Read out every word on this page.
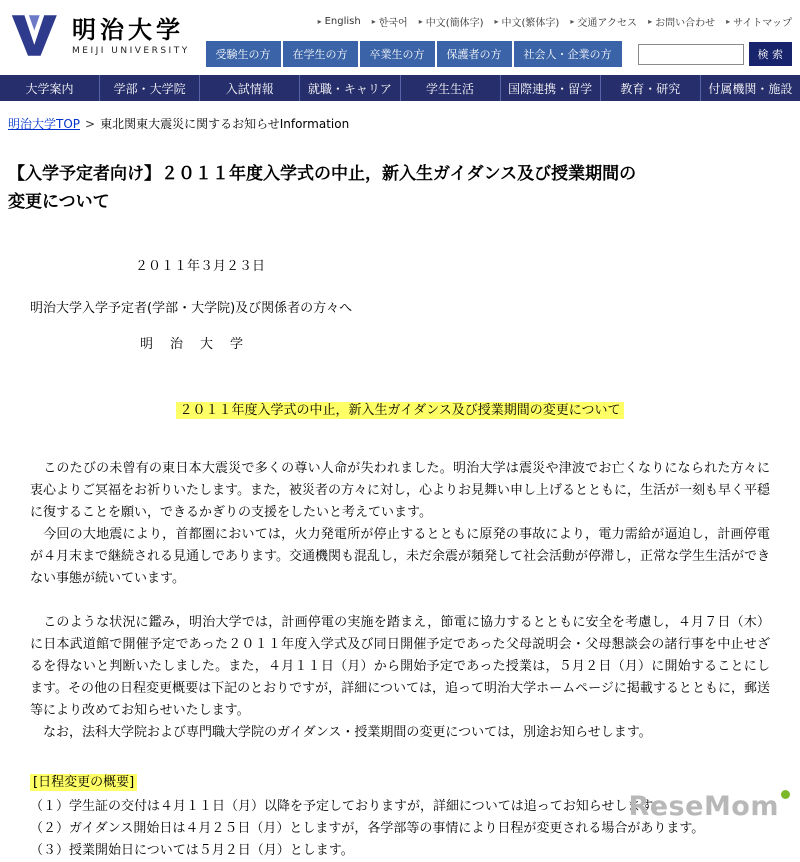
明治大学
MEIJI UNIVERSITY
▸ English ▸ 한국어 ▸ 中文(簡体字) ▸ 中文(繁体字) ▸ 交通アクセス ▸ お問い合わせ ▸ サイトマップ
受験生の方	在学生の方	卒業生の方	保護者の方	社会人・企業の方	検 索
大学案内	学部・大学院	入試情報	就職・キャリア	学生生活	国際連携・留学	教育・研究	付属機関・施設
明治大学TOP > 東北関東大震災に関するお知らせInformation
【入学予定者向け】２０１１年度入学式の中止，新入生ガイダンス及び授業期間の変更について
２０１１年３月２３日
明治大学入学予定者(学部・大学院)及び関係者の方々へ
明　治　大　学
２０１１年度入学式の中止，新入生ガイダンス及び授業期間の変更について

　このたびの未曾有の東日本大震災で多くの尊い人命が失われました。明治大学は震災や津波でお亡くなりになられた方々に衷心よりご冥福をお祈りいたします。また，被災者の方々に対し，心よりお見舞い申し上げるとともに，生活が一刻も早く平穏に復することを願い，できるかぎりの支援をしたいと考えています。

　今回の大地震により，首都圏においては，火力発電所が停止するとともに原発の事故により，電力需給が逼迫し，計画停電が４月末まで継続される見通しであります。交通機関も混乱し，未だ余震が頻発して社会活動が停滞し，正常な学生生活ができない事態が続いています。

　このような状況に鑑み，明治大学では，計画停電の実施を踏まえ，節電に協力するとともに安全を考慮し，４月７日（木）に日本武道館で開催予定であった２０１１年度入学式及び同日開催予定であった父母説明会・父母懇談会の諸行事を中止せざるを得ないと判断いたしました。また，４月１１日（月）から開始予定であった授業は，５月２日（月）に開始することにします。その他の日程変更概要は下記のとおりですが，詳細については，追って明治大学ホームページに掲載するとともに，郵送等により改めてお知らせいたします。

　なお，法科大学院および専門職大学院のガイダンス・授業期間の変更については，別途お知らせします。

[日程変更の概要]

（１）学生証の交付は４月１１日（月）以降を予定しておりますが，詳細については追ってお知らせします。

（２）ガイダンス開始日は４月２５日（月）としますが，各学部等の事情により日程が変更される場合があります。

（３）授業開始日については５月２日（月）とします。

ReseMom
